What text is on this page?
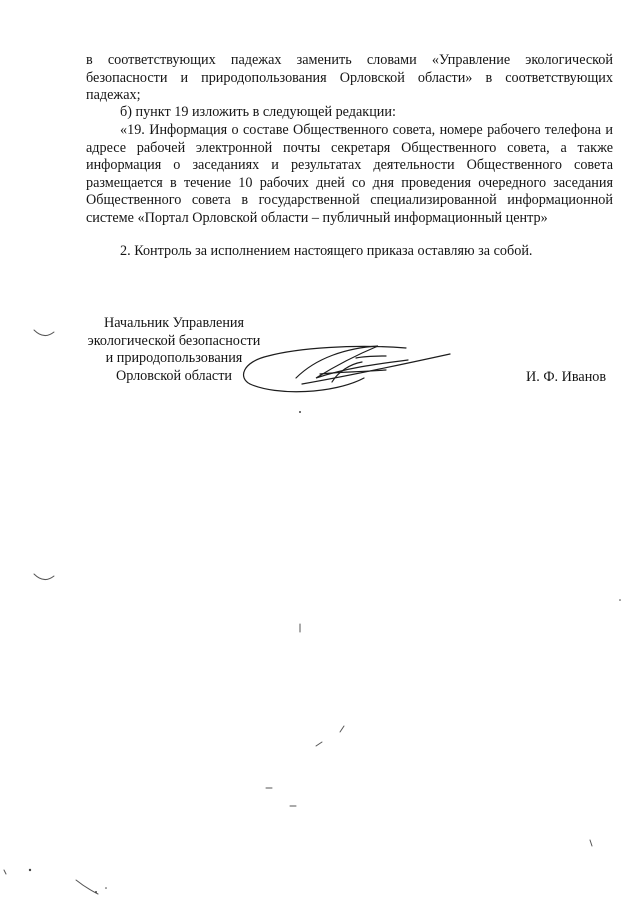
в соответствующих падежах заменить словами «Управление экологической безопасности и природопользования Орловской области» в соответствующих падежах;

б) пункт 19 изложить в следующей редакции:

«19. Информация о составе Общественного совета, номере рабочего телефона и адресе рабочей электронной почты секретаря Общественного совета, а также информация о заседаниях и результатах деятельности Общественного совета размещается в течение 10 рабочих дней со дня проведения очередного заседания Общественного совета в государственной специализированной информационной системе «Портал Орловской области – публичный информационный центр»

2. Контроль за исполнением настоящего приказа оставляю за собой.

Начальник Управления
экологической безопасности
и природопользования
Орловской области	И. Ф. Иванов
